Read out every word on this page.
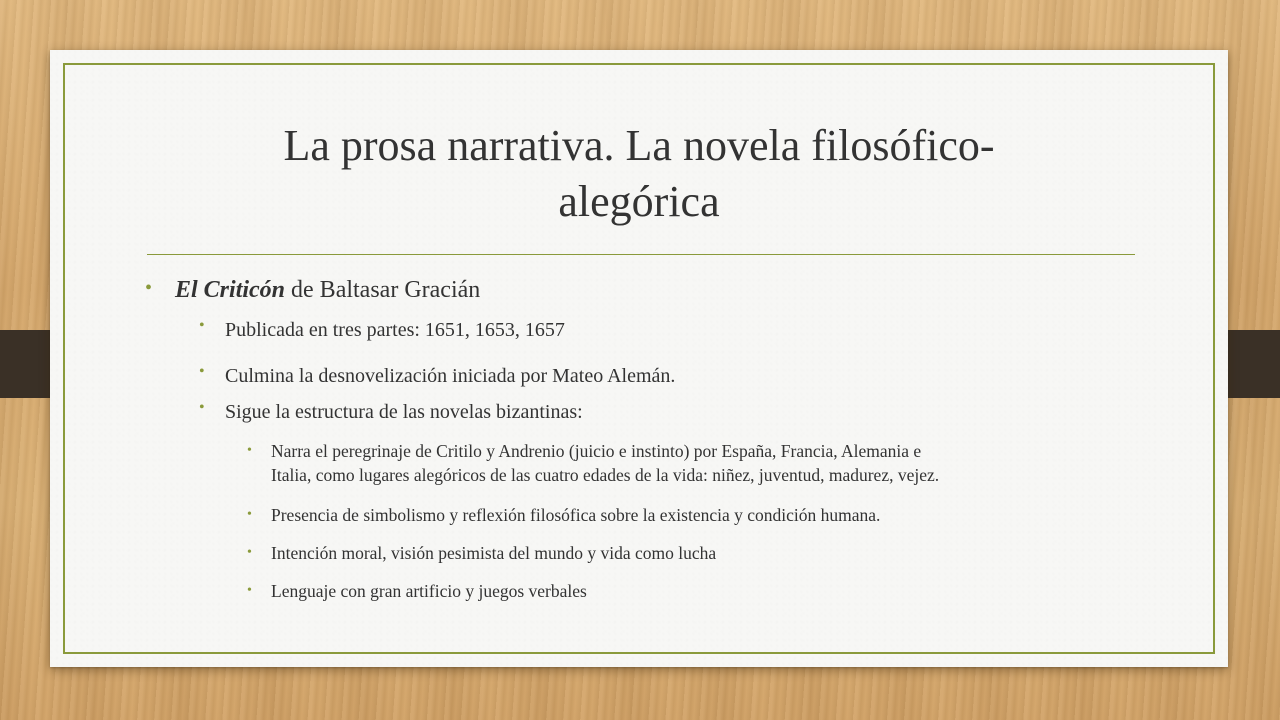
La prosa narrativa. La novela filosófico-
alegórica
• El Criticón de Baltasar Gracián
• Publicada en tres partes: 1651, 1653, 1657
• Culmina la desnovelización iniciada por Mateo Alemán.
• Sigue la estructura de las novelas bizantinas:
• Narra el peregrinaje de Critilo y Andrenio (juicio e instinto) por España, Francia, Alemania e
Italia, como lugares alegóricos de las cuatro edades de la vida: niñez, juventud, madurez, vejez.
• Presencia de simbolismo y reflexión filosófica sobre la existencia y condición humana.
• Intención moral, visión pesimista del mundo y vida como lucha
• Lenguaje con gran artificio y juegos verbales
